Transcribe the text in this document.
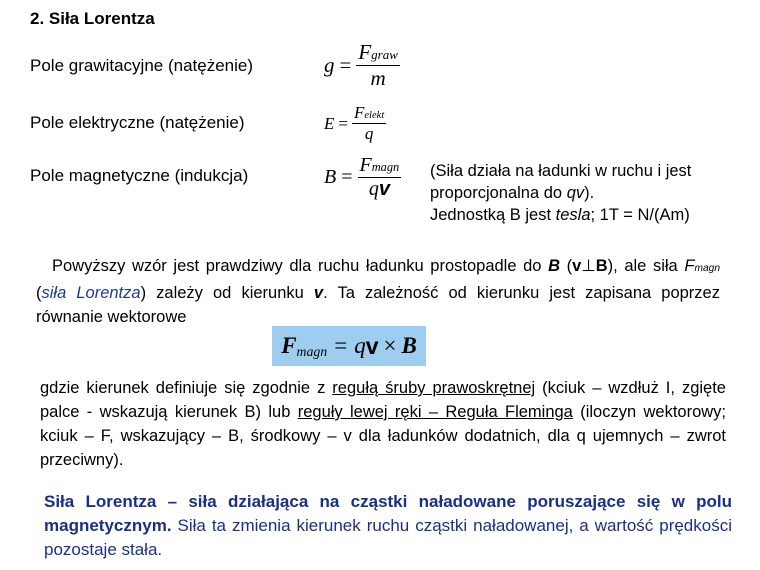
2. Siła Lorentza
Pole grawitacyjne (natężenie)	$g = \frac{\text{Fgraw}}{m}$
Pole elektryczne (natężenie)	$E = \frac{\text{Felekt}}{q}$
Pole magnetyczne (indukcja)	$B = \frac{\text{Fmagn}}{qv}$ (Siła działa na ładunki w ruchu i jest
proporcjonalna do qv).
Jednostką B jest tesla; 1T = N/(Am)
Powyższy wzór jest prawdziwy dla ruchu ładunku prostopadle do B (v⊥B), ale siła Fmagn (siła Lorentza) zależy od kierunku v. Ta zależność od kierunku jest zapisana poprzez równanie wektorowe
F magn = q v × B
gdzie kierunek definiuje się zgodnie z regułą śruby prawoskrętnej (kciuk – wzdłuż I, zgięte palce - wskazują kierunek B) lub reguły lewej ręki – Reguła Fleminga (iloczyn wektorowy; kciuk – F, wskazujący – B, środkowy – v dla ładunków dodatnich, dla q ujemnych – zwrot przeciwny).
Siła Lorentza – siła działająca na cząstki naładowane poruszające się w polu magnetycznym. Siła ta zmienia kierunek ruchu cząstki naładowanej, a wartość prędkości pozostaje stała.
